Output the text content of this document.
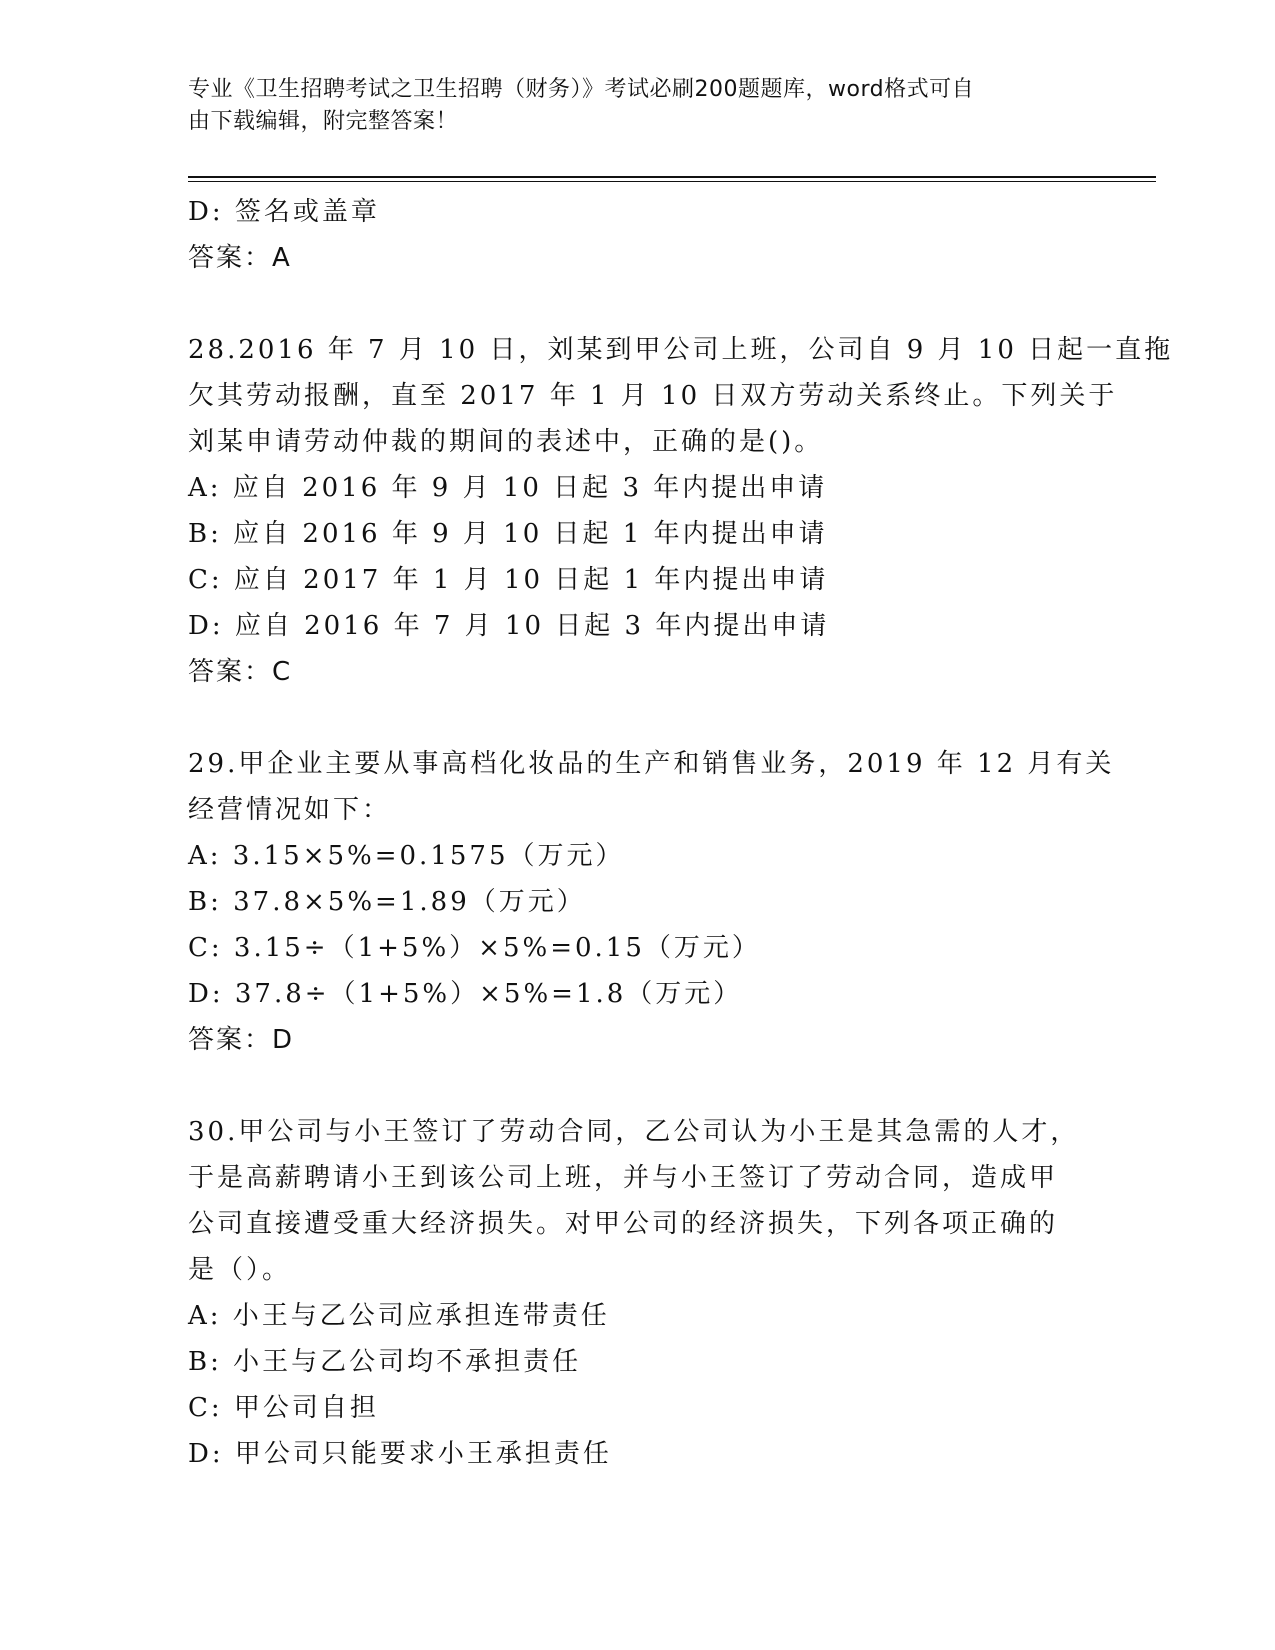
专业《卫生招聘考试之卫生招聘（财务）》考试必刷200题题库，word格式可自
由下载编辑，附完整答案！
D: 签名或盖章
答案：A
28.2016 年 7 月 10 日，刘某到甲公司上班，公司自 9 月 10 日起一直拖
欠其劳动报酬，直至 2017 年 1 月 10 日双方劳动关系终止。下列关于
刘某申请劳动仲裁的期间的表述中，正确的是()。
A: 应自 2016 年 9 月 10 日起 3 年内提出申请
B: 应自 2016 年 9 月 10 日起 1 年内提出申请
C: 应自 2017 年 1 月 10 日起 1 年内提出申请
D: 应自 2016 年 7 月 10 日起 3 年内提出申请
答案：C
29.甲企业主要从事高档化妆品的生产和销售业务，2019 年 12 月有关
经营情况如下：
A: 3.15×5%=0.1575（万元）
B: 37.8×5%=1.89（万元）
C: 3.15÷（1+5%）×5%=0.15（万元）
D: 37.8÷（1+5%）×5%=1.8（万元）
答案：D
30.甲公司与小王签订了劳动合同，乙公司认为小王是其急需的人才，
于是高薪聘请小王到该公司上班，并与小王签订了劳动合同，造成甲
公司直接遭受重大经济损失。对甲公司的经济损失，下列各项正确的
是（）。
A: 小王与乙公司应承担连带责任
B: 小王与乙公司均不承担责任
C: 甲公司自担
D: 甲公司只能要求小王承担责任
